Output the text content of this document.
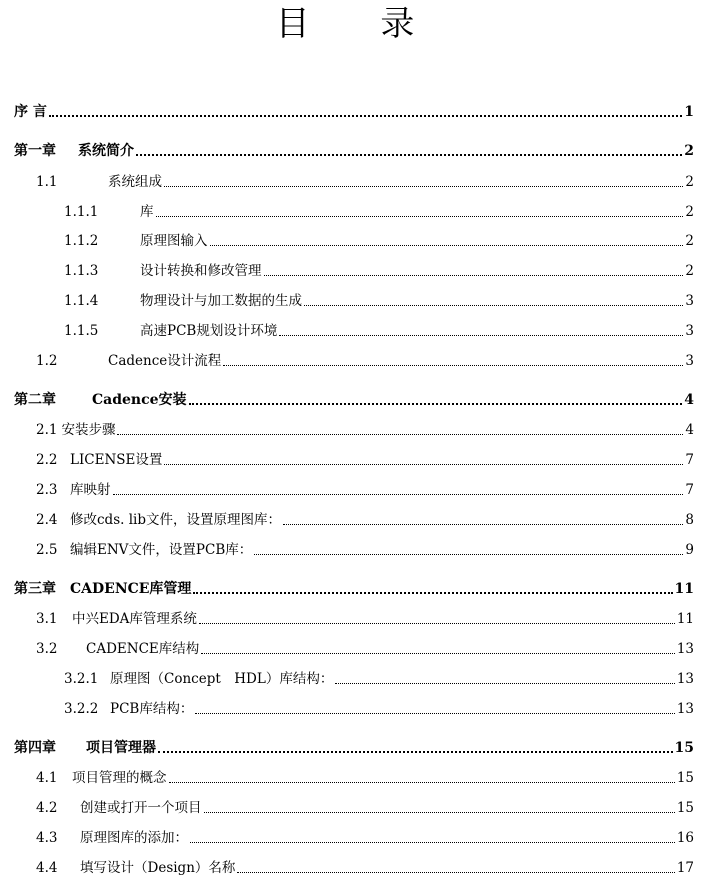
目 录
序 言	1
第一章 系统简介	2
1.1	系统组成	2
1.1.1	库	2
1.1.2	原理图输入	2
1.1.3	设计转换和修改管理	2
1.1.4	物理设计与加工数据的生成	3
1.1.5	高速PCB规划设计环境	3
1.2	Cadence设计流程	3
第二章	Cadence安装	4
2.1 安装步骤	4
2.2 LICENSE设置	7
2.3 库映射	7
2.4 修改cds. lib文件，设置原理图库：	8
2.5 编辑ENV文件，设置PCB库：	9
第三章 CADENCE库管理	11
3.1 中兴EDA库管理系统	11
3.2 CADENCE库结构	13
3.2.1 原理图（Concept　HDL）库结构：	13
3.2.2 PCB库结构：	13
第四章 项目管理器	15
4.1 项目管理的概念	15
4.2 创建或打开一个项目	15
4.3 原理图库的添加：	16
4.4 填写设计（Design）名称	17
